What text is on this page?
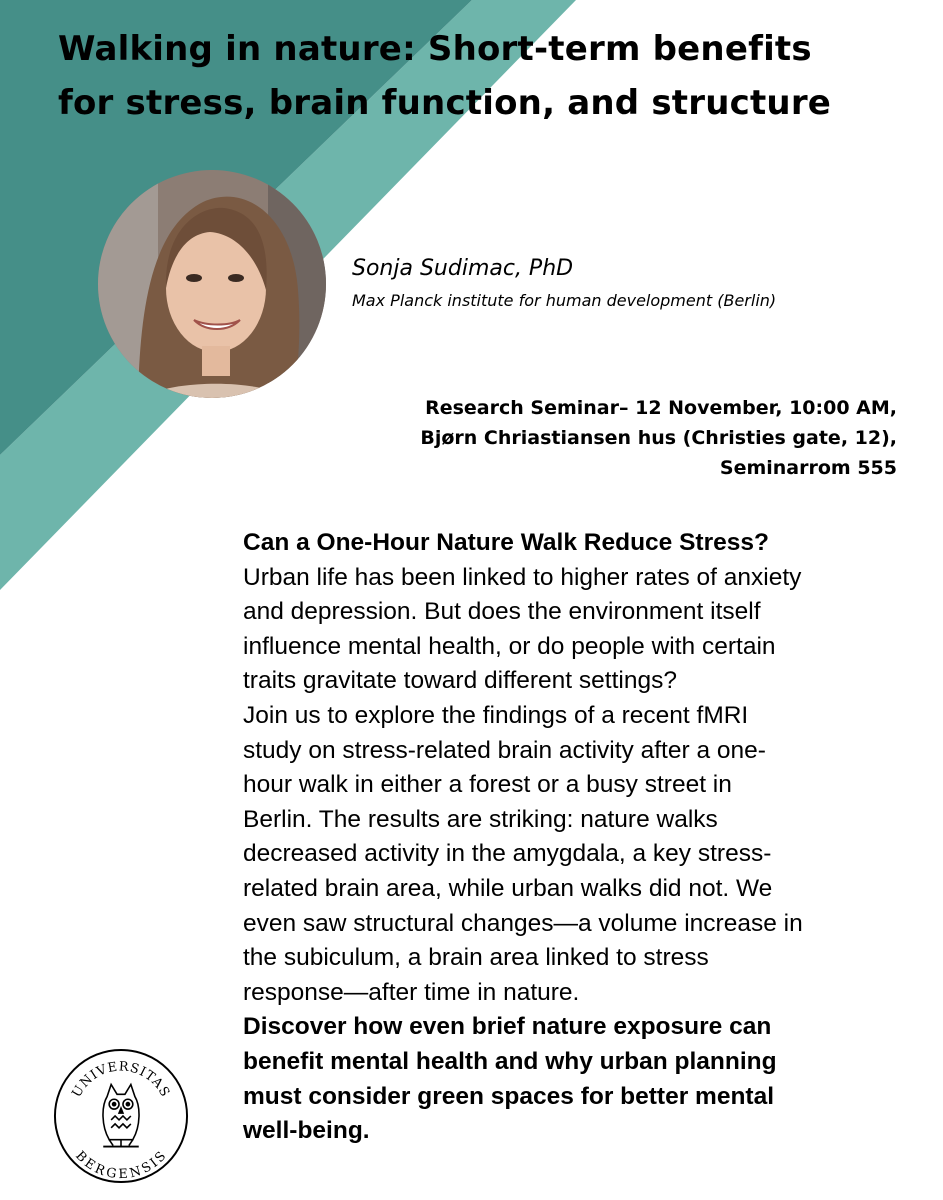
Walking in nature: Short-term benefits
for stress, brain function, and structure

Sonja Sudimac, PhD

Max Planck institute for human development (Berlin)

Research Seminar– 12 November, 10:00 AM,
Bjørn Chriastiansen hus (Christies gate, 12),
Seminarrom 555
Can a One-Hour Nature Walk Reduce Stress?
Urban life has been linked to higher rates of anxiety
and depression. But does the environment itself
influence mental health, or do people with certain
traits gravitate toward different settings?
Join us to explore the findings of a recent fMRI
study on stress-related brain activity after a one-
hour walk in either a forest or a busy street in
Berlin. The results are striking: nature walks
decreased activity in the amygdala, a key stress-
related brain area, while urban walks did not. We
even saw structural changes—a volume increase in
the subiculum, a brain area linked to stress
response—after time in nature.
Discover how even brief nature exposure can
benefit mental health and why urban planning
must consider green spaces for better mental
well-being.
UNIVERSITAS
BERGENSIS
